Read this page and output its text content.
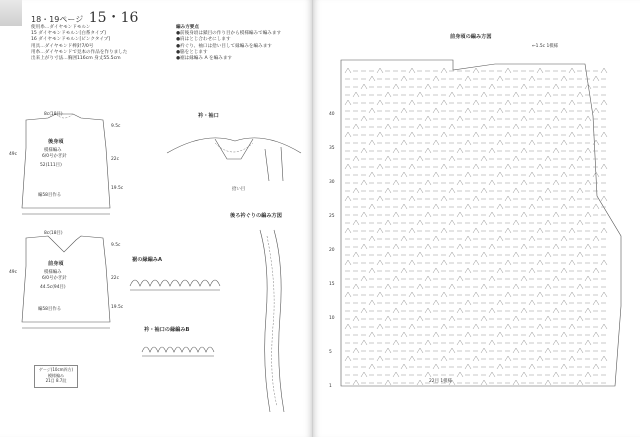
18・19ページ 15・16
使用糸…ダイヤモンドモルン
15 ダイヤモンドモルン[白系タイプ]
16 ダイヤモンドモルン[ピンクタイプ]
用具…ダイヤモンド棒針7/0号
用糸…ダイヤモンドで見本の作品を作りました
出来上がり寸法…胸囲116cm 身丈55.5cm
編み方要点
●前後身頃は鎖目の作り目から模様編みで編みます
●肩はとじ合わせにします
●衿ぐり、袖口は拾い目して縁編みを編みます
●脇をとじます
●裾は縁編み A を編みます
後身頃
模様編み
6/0号かぎ針
52(111目)
8c(18目)
49c
編58目作る
9.5c
22c
19.5c
前身頃
模様編み
6/0号かぎ針
44.5c(94目)
8c(18目)
49c
編58目作る
9.5c
22c
19.5c
ゲージ(10cm四方)
模様編み
21目 8.7段
衿・袖口
拾い目
裾の縁編みA
衿・袖口の縁編みB
後ろ衿ぐりの編み方図
前身頃の編み方図
←1.5c 1模様
40
35
30
25
20
15
10
5
1
22目 1模様
